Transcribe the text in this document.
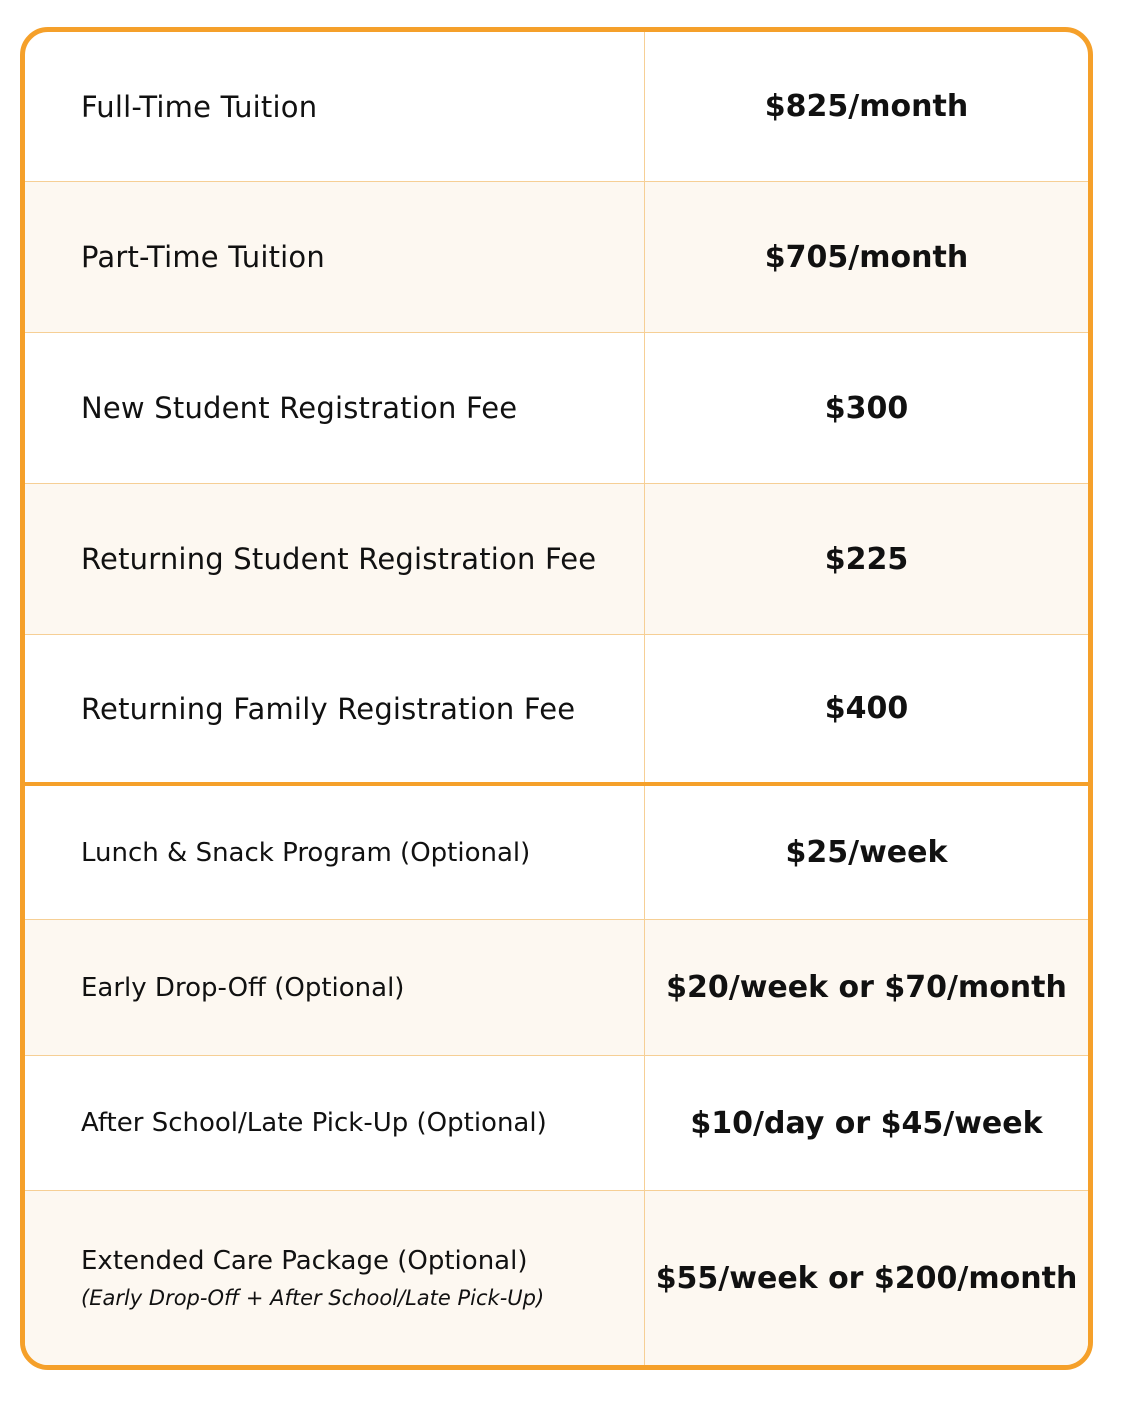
Full-Time Tuition	$825/month
Part-Time Tuition	$705/month
New Student Registration Fee	$300
Returning Student Registration Fee	$225
Returning Family Registration Fee	$400
Lunch & Snack Program (Optional)	$25/week
Early Drop-Off (Optional)	$20/week or $70/month
After School/Late Pick-Up (Optional)	$10/day or $45/week
Extended Care Package (Optional)
(Early Drop-Off + After School/Late Pick-Up)
$55/week or $200/month
